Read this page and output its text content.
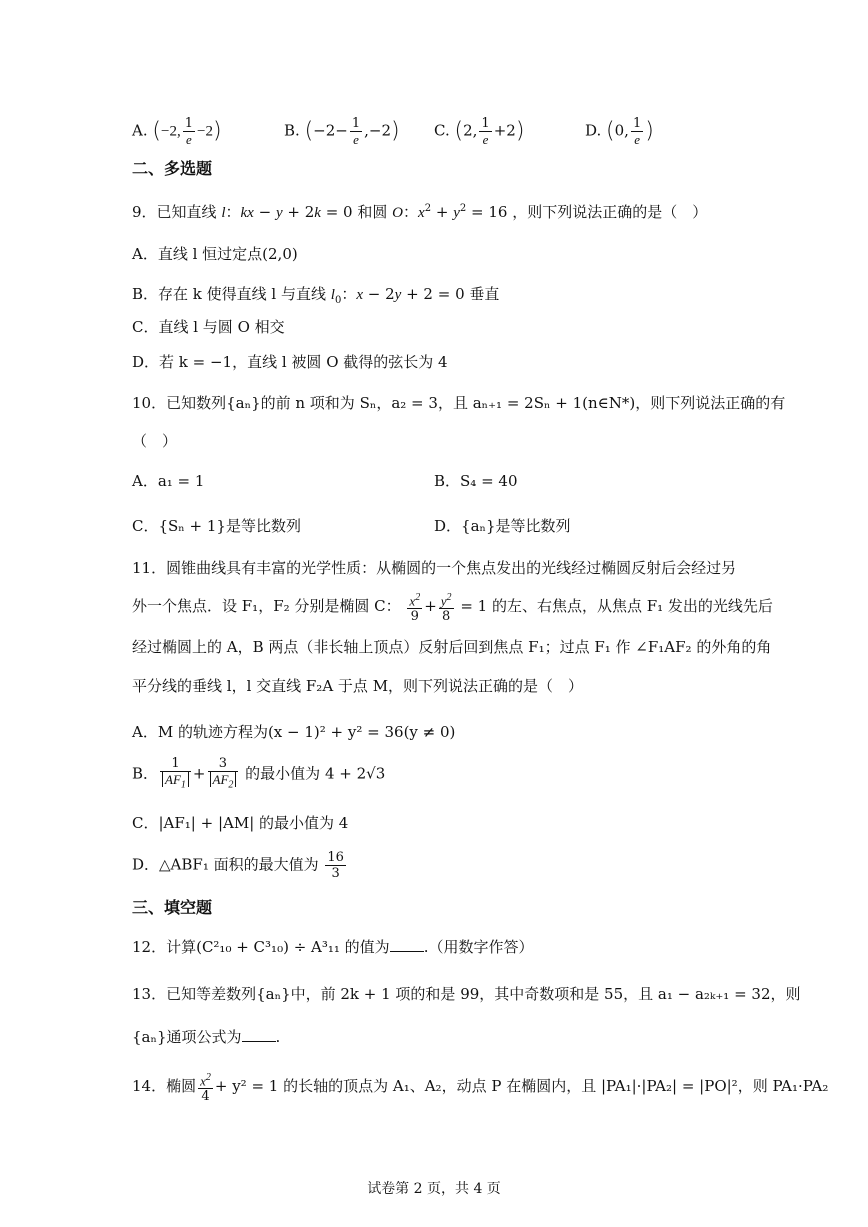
A. (−2, $\frac{1}{e} -2$)	B. $(-2- \frac{1}{e} ,-2)$ C. (2, $\frac{1}{e} +2$)	D. (0, $\frac{1}{e}$ )
二、多选题
9．已知直线 l：kx − y + 2k = 0 和圆 O：$x^2 + y^2 = 16$ ，则下列说法正确的是（　）
A．直线 l 恒过定点(2,0)
B．存在 k 使得直线 l 与直线 $l_0$：x − 2y + 2 = 0 垂直
C．直线 l 与圆 O 相交
D．若 k = −1，直线 l 被圆 O 截得的弦长为 4
10．已知数列{aₙ}的前 n 项和为 Sₙ，a₂ = 3，且 aₙ₊₁ = 2Sₙ + 1(n∈N*)，则下列说法正确的有
（　）
A．a₁ = 1	B．S₄ = 40
C．{Sₙ + 1}是等比数列	D．{aₙ}是等比数列
11．圆锥曲线具有丰富的光学性质：从椭圆的一个焦点发出的光线经过椭圆反射后会经过另
外一个焦点．设 F₁，F₂ 分别是椭圆 C： $\frac{x^2}{9} + \frac{y^2}{8} = 1$ 的左、右焦点，从焦点 F₁ 发出的光线先后
经过椭圆上的 A，B 两点（非长轴上顶点）反射后回到焦点 F₁；过点 F₁ 作 ∠F₁AF₂ 的外角的角
平分线的垂线 l，l 交直线 F₂A 于点 M，则下列说法正确的是（　）
A．M 的轨迹方程为(x − 1)² + y² = 36(y ≠ 0)
B． $\frac{1}{AF_1} + \frac{3}{AF_2}$ 的最小值为 4 + 2√3
C．|AF₁| + |AM| 的最小值为 4
D．△ABF₁ 面积的最大值为 $\frac{16}{3}$
三、填空题
12．计算(C²₁₀ + C³₁₀) ÷ A³₁₁ 的值为 .（用数字作答）
13．已知等差数列{aₙ}中，前 2k + 1 项的和是 99，其中奇数项和是 55，且 a₁ − a₂ₖ₊₁ = 32，则
{aₙ}通项公式为 .
14．椭圆 $\frac{x^2}{4} + y^2 = 1$ 的长轴的顶点为 A₁、A₂，动点 P 在椭圆内，且 |PA₁|·|PA₂| = |PO|²，则 PA₁·PA₂
试卷第 2 页，共 4 页
